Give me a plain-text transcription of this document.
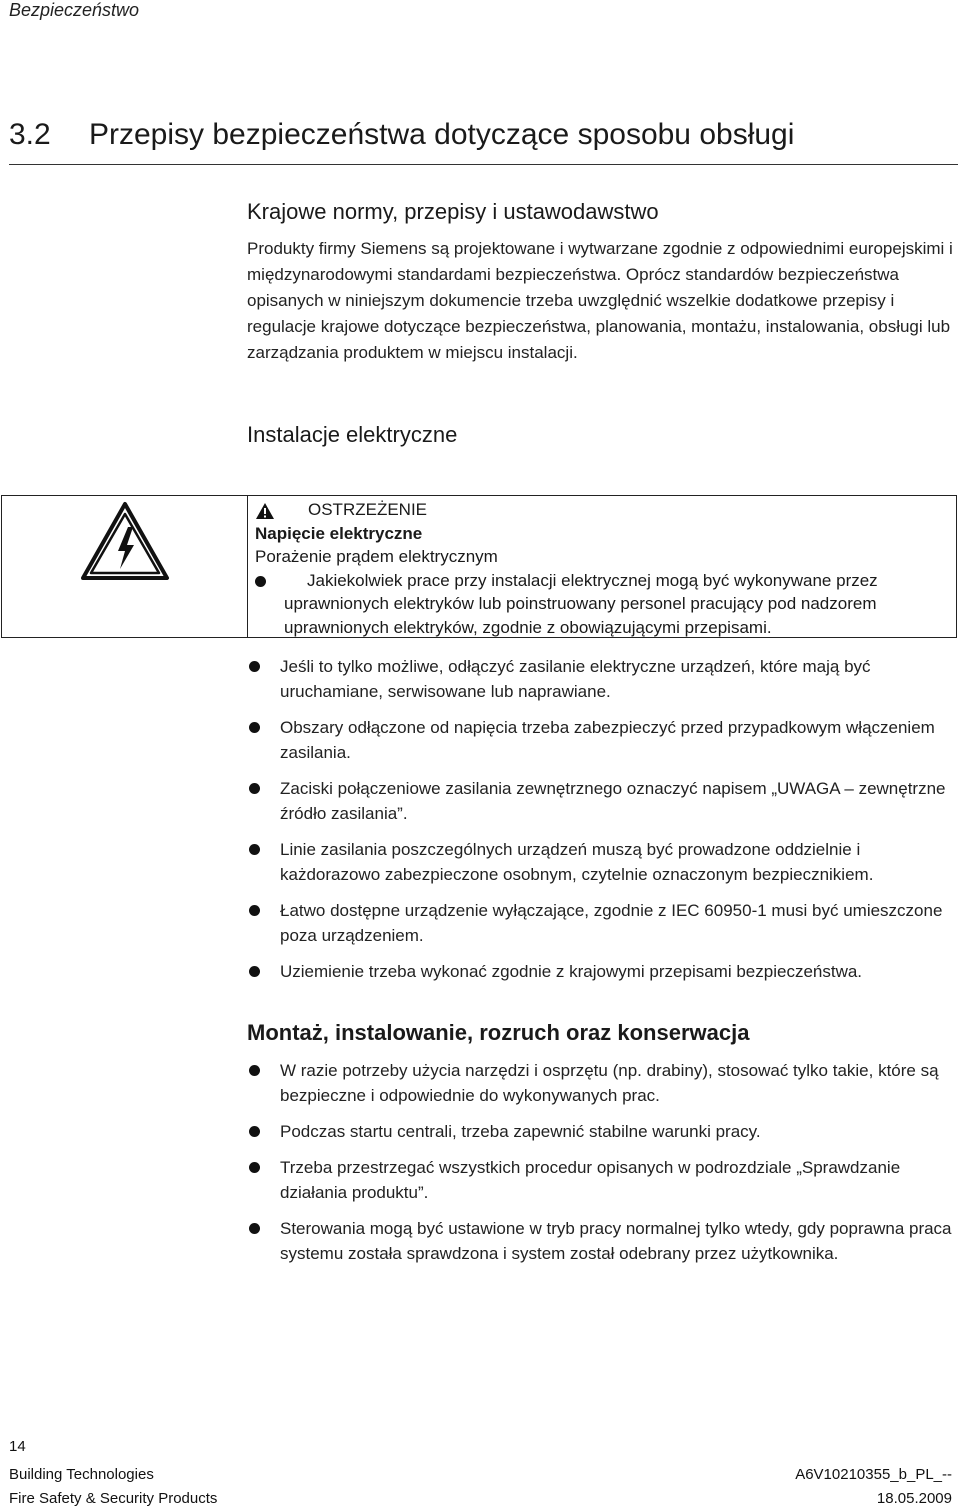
Bezpieczeństwo
3.2 Przepisy bezpieczeństwa dotyczące sposobu obsługi
Krajowe normy, przepisy i ustawodawstwo
Produkty firmy Siemens są projektowane i wytwarzane zgodnie z odpowiednimi europejskimi i międzynarodowymi standardami bezpieczeństwa. Oprócz standardów bezpieczeństwa opisanych w niniejszym dokumencie trzeba uwzględnić wszelkie dodatkowe przepisy i regulacje krajowe dotyczące bezpieczeństwa, planowania, montażu, instalowania, obsługi lub zarządzania produktem w miejscu instalacji.
Instalacje elektryczne
OSTRZEŻENIE
Napięcie elektryczne
Porażenie prądem elektrycznym
Jakiekolwiek prace przy instalacji elektrycznej mogą być wykonywane przez uprawnionych elektryków lub poinstruowany personel pracujący pod nadzorem uprawnionych elektryków, zgodnie z obowiązującymi przepisami.
Jeśli to tylko możliwe, odłączyć zasilanie elektryczne urządzeń, które mają być uruchamiane, serwisowane lub naprawiane.
Obszary odłączone od napięcia trzeba zabezpieczyć przed przypadkowym włączeniem zasilania.
Zaciski połączeniowe zasilania zewnętrznego oznaczyć napisem „UWAGA – zewnętrzne źródło zasilania”.
Linie zasilania poszczególnych urządzeń muszą być prowadzone oddzielnie i każdorazowo zabezpieczone osobnym, czytelnie oznaczonym bezpiecznikiem.
Łatwo dostępne urządzenie wyłączające, zgodnie z IEC 60950-1 musi być umieszczone poza urządzeniem.
Uziemienie trzeba wykonać zgodnie z krajowymi przepisami bezpieczeństwa.
Montaż, instalowanie, rozruch oraz konserwacja
W razie potrzeby użycia narzędzi i osprzętu (np. drabiny), stosować tylko takie, które są bezpieczne i odpowiednie do wykonywanych prac.
Podczas startu centrali, trzeba zapewnić stabilne warunki pracy.
Trzeba przestrzegać wszystkich procedur opisanych w podrozdziale „Sprawdzanie działania produktu”.
Sterowania mogą być ustawione w tryb pracy normalnej tylko wtedy, gdy poprawna praca systemu została sprawdzona i system został odebrany przez użytkownika.
14
Building Technologies
Fire Safety & Security Products
A6V10210355_b_PL_--
18.05.2009
